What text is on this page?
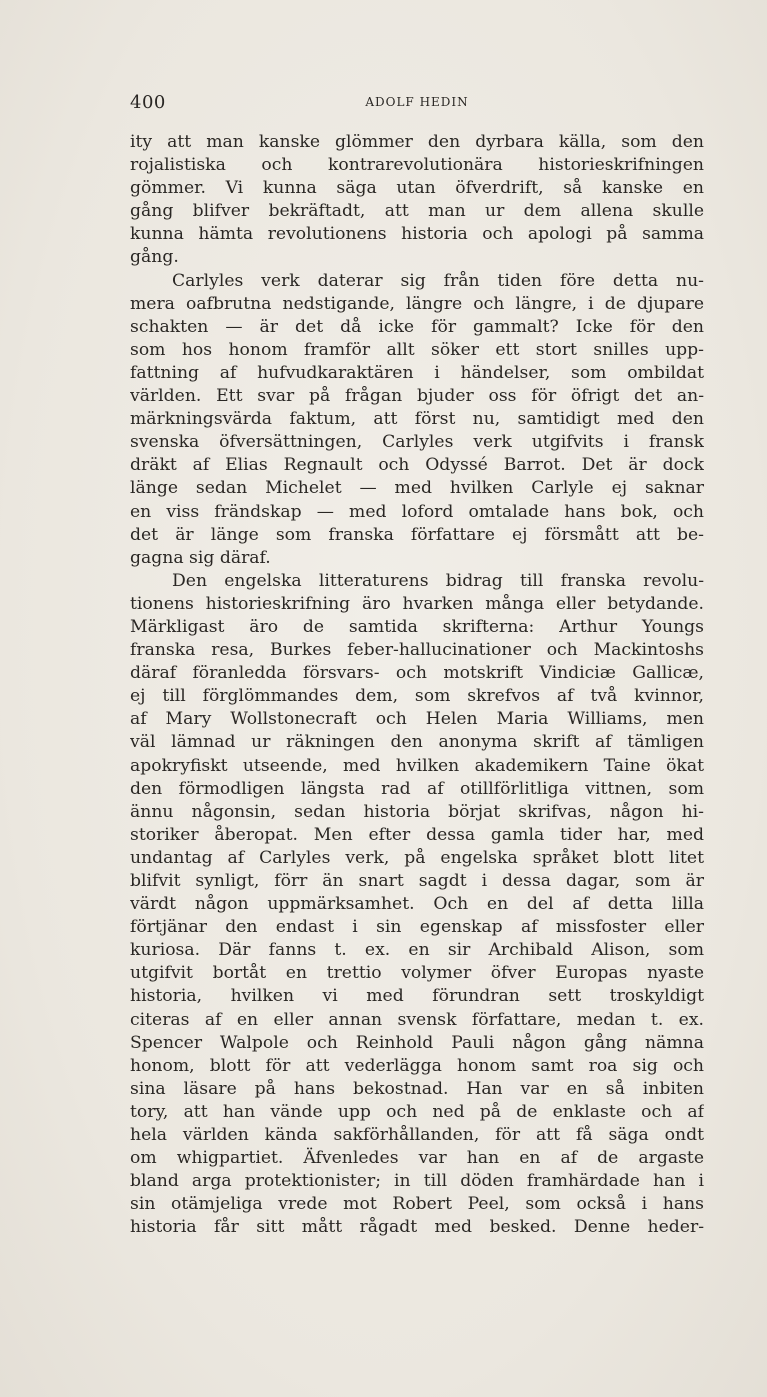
400	ADOLF HEDIN
ity att man kanske glömmer den dyrbara källa, som den
rojalistiska och kontrarevolutionära historieskrifningen
gömmer. Vi kunna säga utan öfverdrift, så kanske en
gång blifver bekräftadt, att man ur dem allena skulle
kunna hämta revolutionens historia och apologi på samma
gång.
Carlyles verk daterar sig från tiden före detta nu-
mera oafbrutna nedstigande, längre och längre, i de djupare
schakten — är det då icke för gammalt? Icke för den
som hos honom framför allt söker ett stort snilles upp-
fattning af hufvudkaraktären i händelser, som ombildat
världen. Ett svar på frågan bjuder oss för öfrigt det an-
märkningsvärda faktum, att först nu, samtidigt med den
svenska öfversättningen, Carlyles verk utgifvits i fransk
dräkt af Elias Regnault och Odyssé Barrot. Det är dock
länge sedan Michelet — med hvilken Carlyle ej saknar
en viss frändskap — med loford omtalade hans bok, och
det är länge som franska författare ej försmått att be-
gagna sig däraf.
Den engelska litteraturens bidrag till franska revolu-
tionens historieskrifning äro hvarken många eller betydande.
Märkligast äro de samtida skrifterna: Arthur Youngs
franska resa, Burkes feber-hallucinationer och Mackintoshs
däraf föranledda försvars- och motskrift Vindiciæ Gallicæ,
ej till förglömmandes dem, som skrefvos af två kvinnor,
af Mary Wollstonecraft och Helen Maria Williams, men
väl lämnad ur räkningen den anonyma skrift af tämligen
apokryfiskt utseende, med hvilken akademikern Taine ökat
den förmodligen längsta rad af otillförlitliga vittnen, som
ännu någonsin, sedan historia börjat skrifvas, någon hi-
storiker åberopat. Men efter dessa gamla tider har, med
undantag af Carlyles verk, på engelska språket blott litet
blifvit synligt, förr än snart sagdt i dessa dagar, som är
värdt någon uppmärksamhet. Och en del af detta lilla
förtjänar den endast i sin egenskap af missfoster eller
kuriosa. Där fanns t. ex. en sir Archibald Alison, som
utgifvit bortåt en trettio volymer öfver Europas nyaste
historia, hvilken vi med förundran sett troskyldigt
citeras af en eller annan svensk författare, medan t. ex.
Spencer Walpole och Reinhold Pauli någon gång nämna
honom, blott för att vederlägga honom samt roa sig och
sina läsare på hans bekostnad. Han var en så inbiten
tory, att han vände upp och ned på de enklaste och af
hela världen kända sakförhållanden, för att få säga ondt
om whigpartiet. Äfvenledes var han en af de argaste
bland arga protektionister; in till döden framhärdade han i
sin otämjeliga vrede mot Robert Peel, som också i hans
historia får sitt mått rågadt med besked. Denne heder-
